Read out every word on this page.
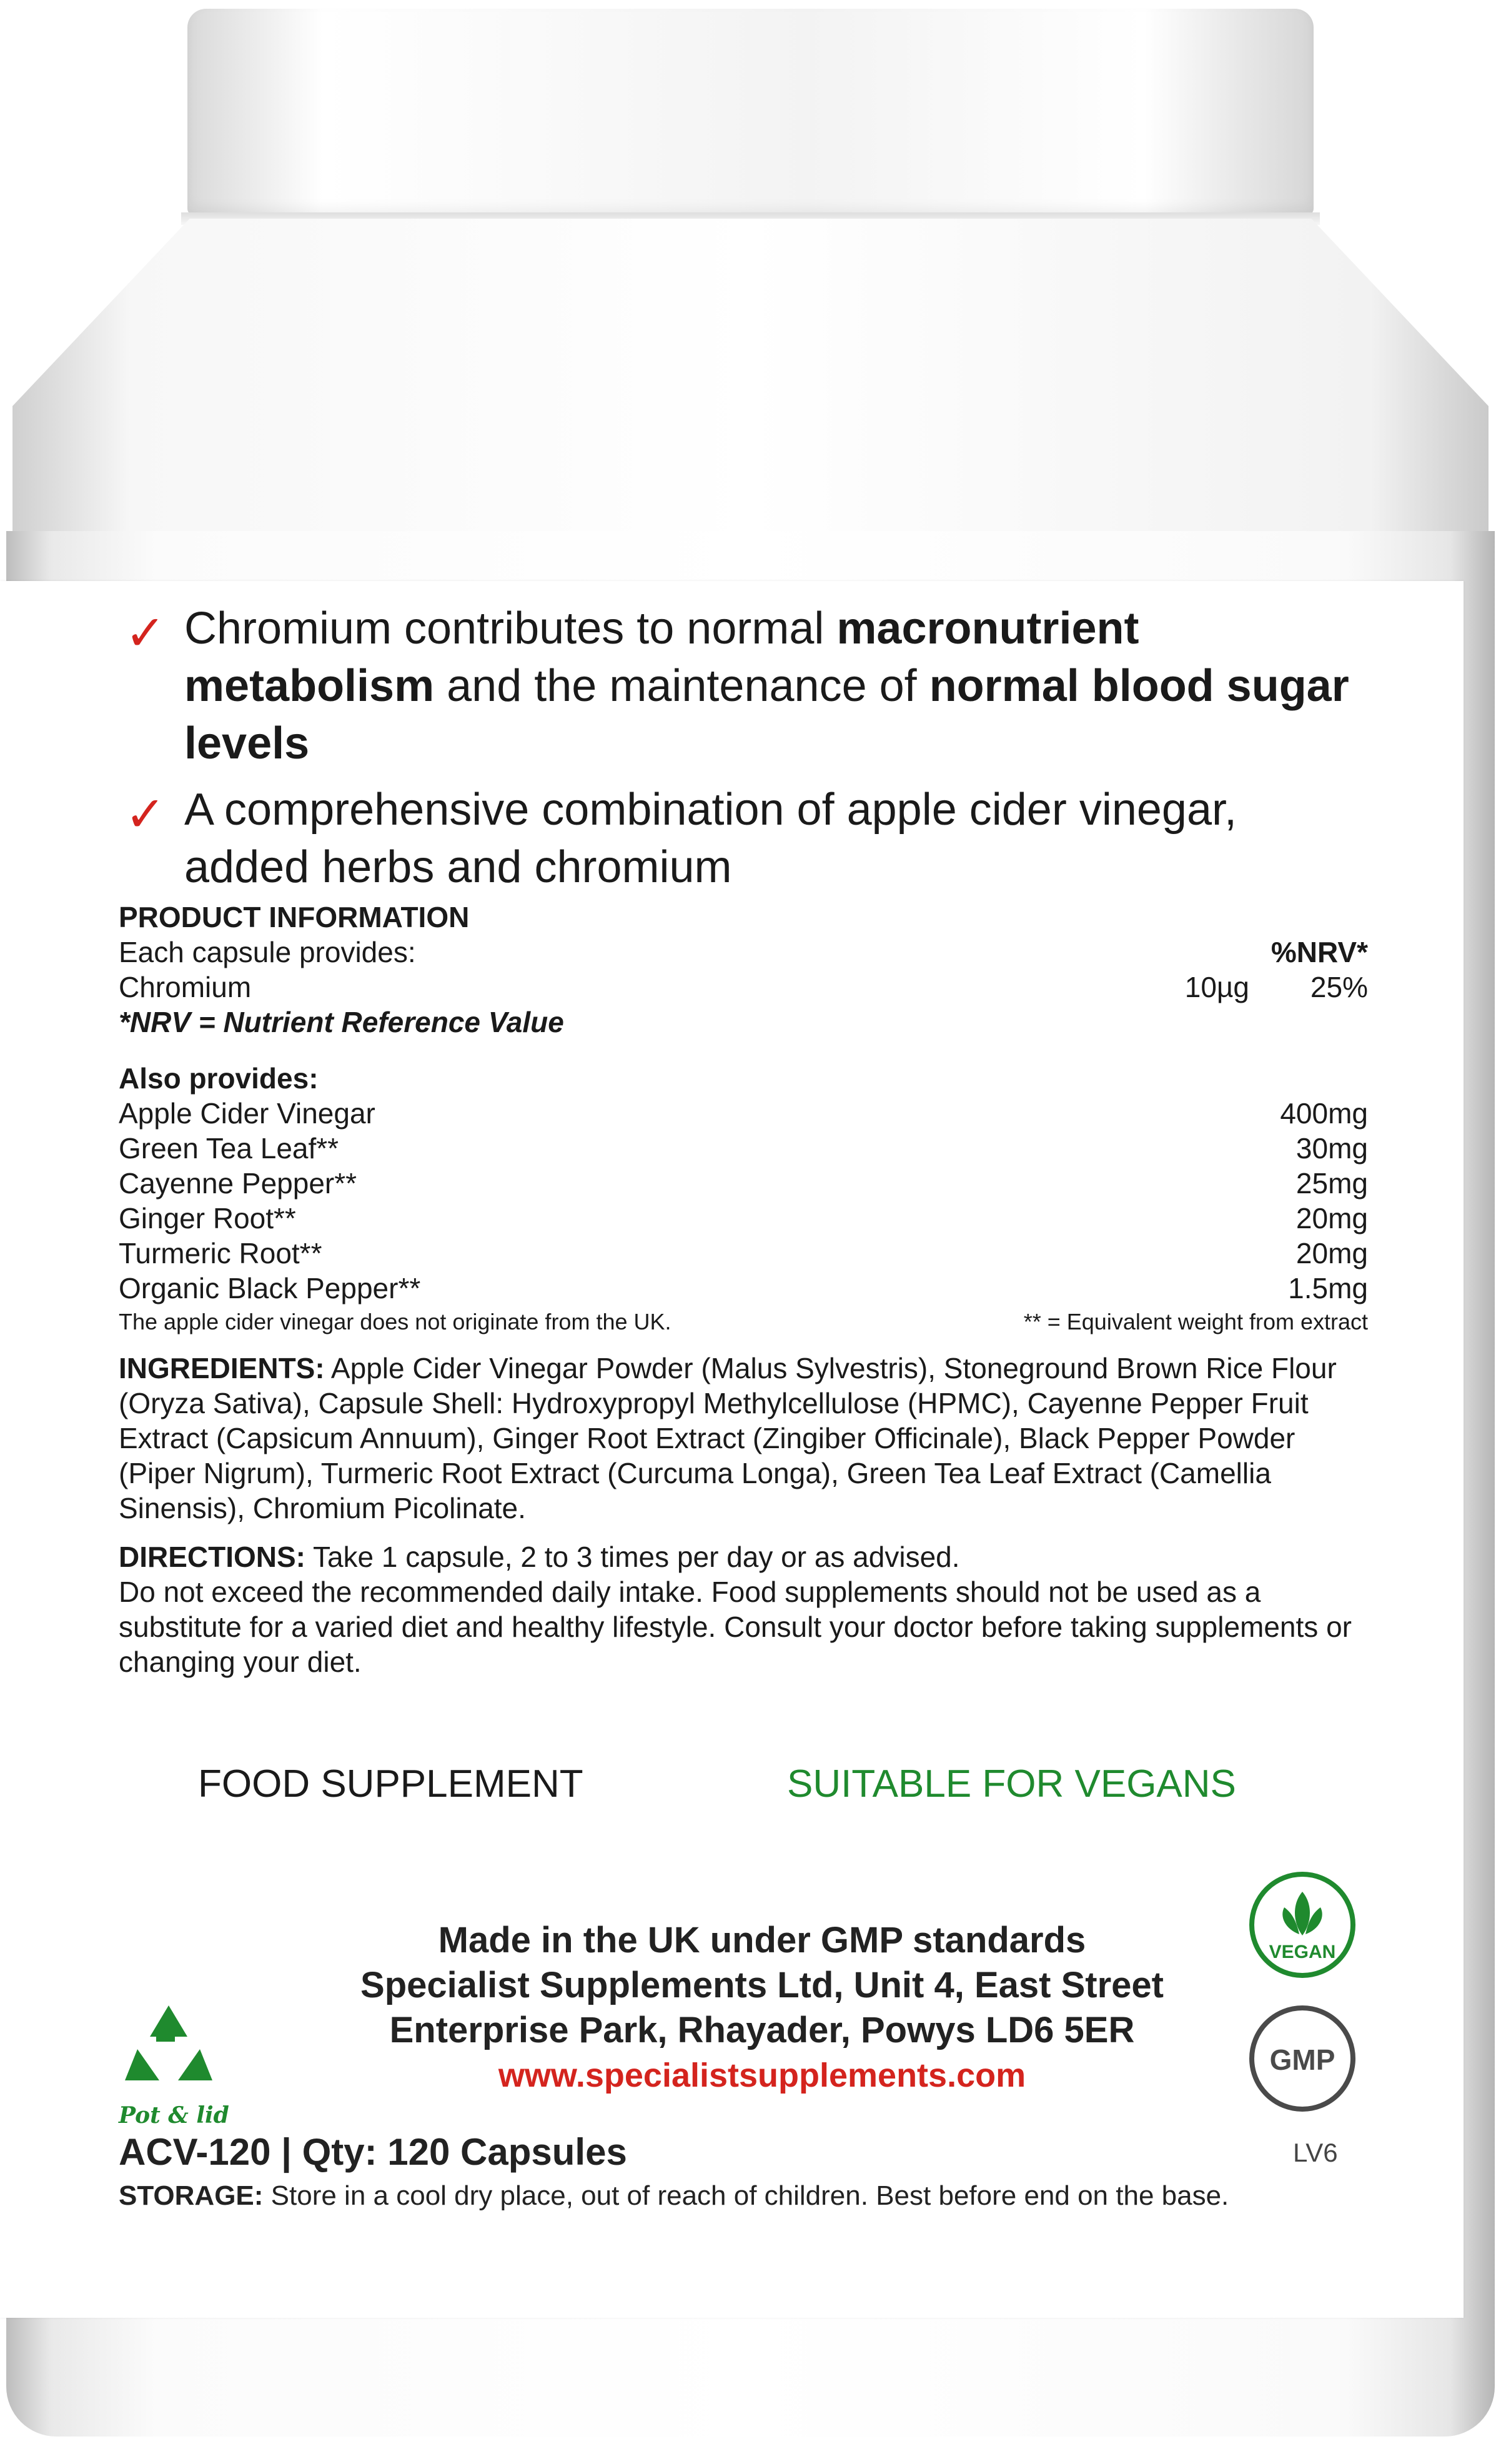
✓ Chromium contributes to normal macronutrient metabolism and the maintenance of normal blood sugar levels
✓ A comprehensive combination of apple cider vinegar, added herbs and chromium
PRODUCT INFORMATION
Each capsule provides:	%NRV*
Chromium	10µg	25%
*NRV = Nutrient Reference Value
Also provides:
Apple Cider Vinegar	400mg
Green Tea Leaf**	30mg
Cayenne Pepper**	25mg
Ginger Root**	20mg
Turmeric Root**	20mg
Organic Black Pepper**	1.5mg
The apple cider vinegar does not originate from the UK.	** = Equivalent weight from extract
INGREDIENTS: Apple Cider Vinegar Powder (Malus Sylvestris), Stoneground Brown Rice Flour (Oryza Sativa), Capsule Shell: Hydroxypropyl Methylcellulose (HPMC), Cayenne Pepper Fruit Extract (Capsicum Annuum), Ginger Root Extract (Zingiber Officinale), Black Pepper Powder (Piper Nigrum), Turmeric Root Extract (Curcuma Longa), Green Tea Leaf Extract (Camellia Sinensis), Chromium Picolinate.
DIRECTIONS: Take 1 capsule, 2 to 3 times per day or as advised.
Do not exceed the recommended daily intake. Food supplements should not be used as a substitute for a varied diet and healthy lifestyle. Consult your doctor before taking supplements or changing your diet.
FOOD SUPPLEMENT	SUITABLE FOR VEGANS
VEGAN
GMP
Made in the UK under GMP standards
Specialist Supplements Ltd, Unit 4, East Street
Enterprise Park, Rhayader, Powys LD6 5ER
www.specialistsupplements.com
Pot & lid
ACV-120 | Qty: 120 Capsules	LV6
STORAGE: Store in a cool dry place, out of reach of children. Best before end on the base.
